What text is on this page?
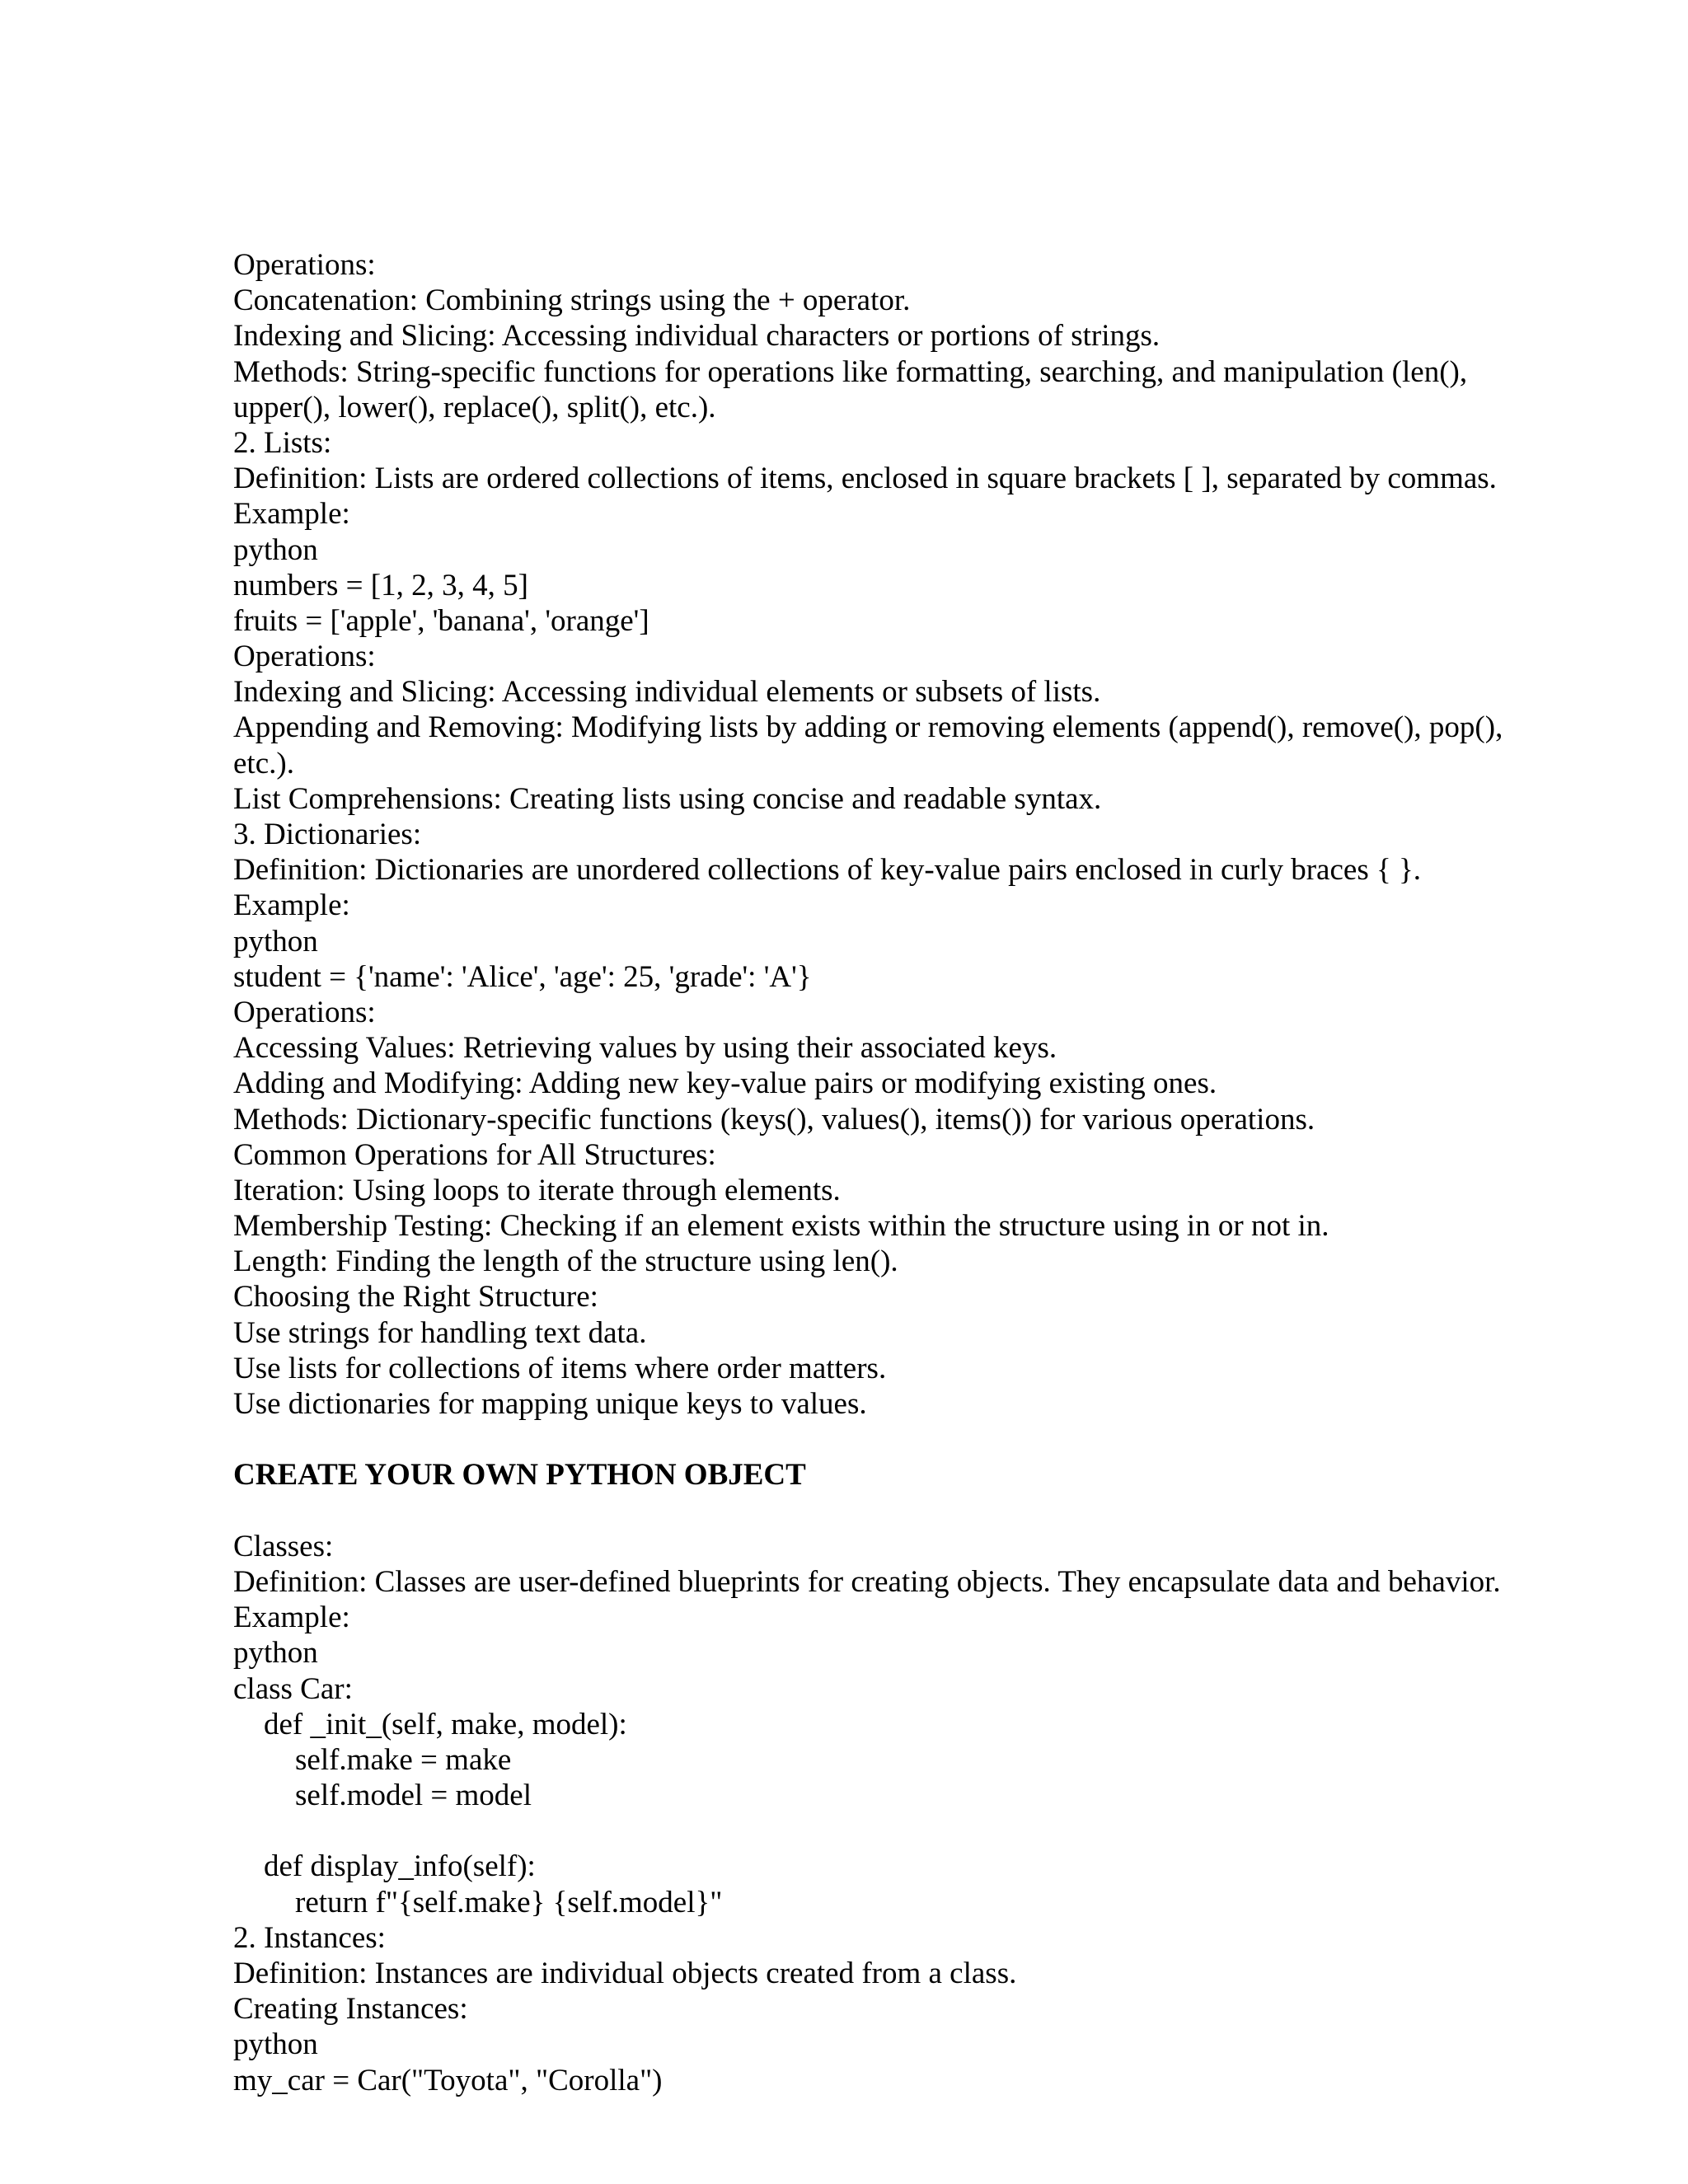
Operations:
Concatenation: Combining strings using the + operator.
Indexing and Slicing: Accessing individual characters or portions of strings.
Methods: String-specific functions for operations like formatting, searching, and manipulation (len(),
upper(), lower(), replace(), split(), etc.).
2. Lists:
Definition: Lists are ordered collections of items, enclosed in square brackets [ ], separated by commas.
Example:
python
numbers = [1, 2, 3, 4, 5]
fruits = ['apple', 'banana', 'orange']
Operations:
Indexing and Slicing: Accessing individual elements or subsets of lists.
Appending and Removing: Modifying lists by adding or removing elements (append(), remove(), pop(),
etc.).
List Comprehensions: Creating lists using concise and readable syntax.
3. Dictionaries:
Definition: Dictionaries are unordered collections of key-value pairs enclosed in curly braces { }.
Example:
python
student = {'name': 'Alice', 'age': 25, 'grade': 'A'}
Operations:
Accessing Values: Retrieving values by using their associated keys.
Adding and Modifying: Adding new key-value pairs or modifying existing ones.
Methods: Dictionary-specific functions (keys(), values(), items()) for various operations.
Common Operations for All Structures:
Iteration: Using loops to iterate through elements.
Membership Testing: Checking if an element exists within the structure using in or not in.
Length: Finding the length of the structure using len().
Choosing the Right Structure:
Use strings for handling text data.
Use lists for collections of items where order matters.
Use dictionaries for mapping unique keys to values.
CREATE YOUR OWN PYTHON OBJECT
Classes:
Definition: Classes are user-defined blueprints for creating objects. They encapsulate data and behavior.
Example:
python
class Car:
def _init_(self, make, model):
self.make = make
self.model = model
def display_info(self):
return f"{self.make} {self.model}"
2. Instances:
Definition: Instances are individual objects created from a class.
Creating Instances:
python
my_car = Car("Toyota", "Corolla")
